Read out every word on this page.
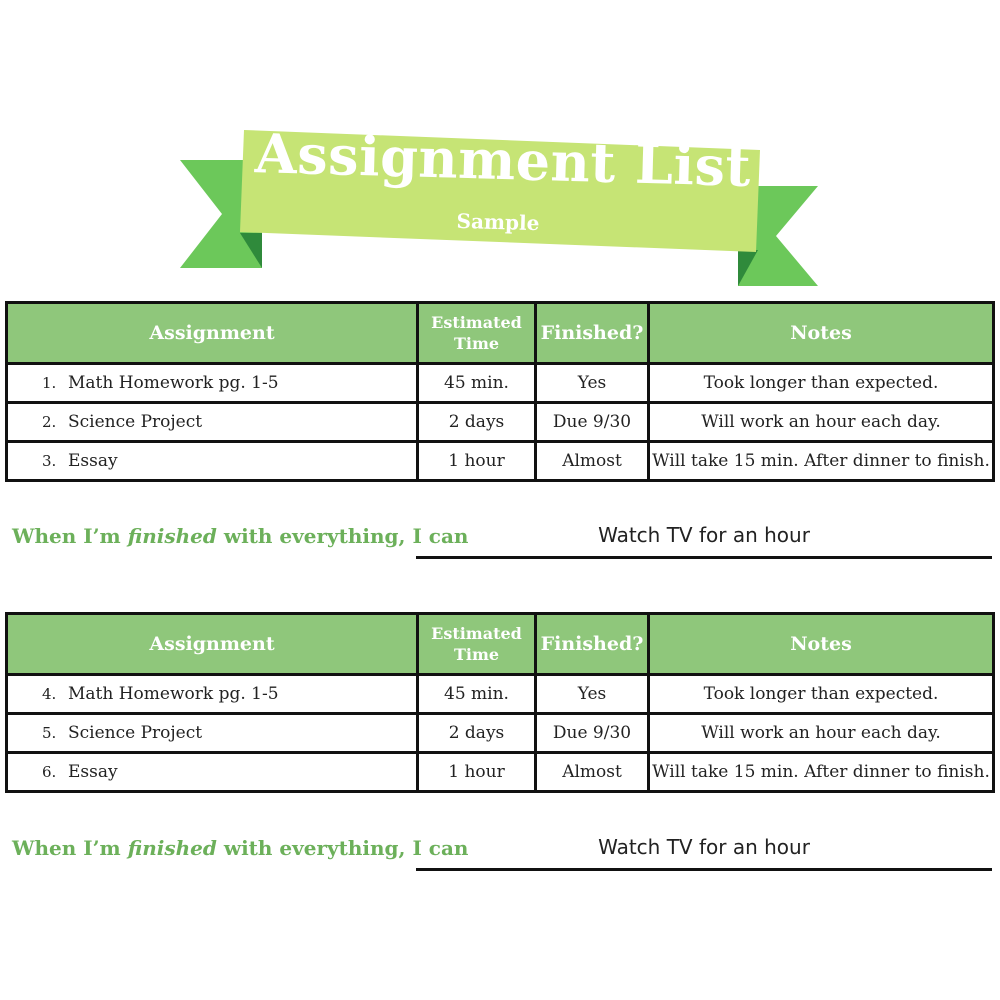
Assignment List
Sample
Assignment	Estimated Time	Finished?	Notes
1. Math Homework pg. 1-5	45 min.	Yes	Took longer than expected.
2. Science Project	2 days	Due 9/30	Will work an hour each day.
3. Essay	1 hour	Almost	Will take 15 min. After dinner to finish.
When I’m finished with everything, I can	Watch TV for an hour
Assignment	Estimated Time	Finished?	Notes
4. Math Homework pg. 1-5	45 min.	Yes	Took longer than expected.
5. Science Project	2 days	Due 9/30	Will work an hour each day.
6. Essay	1 hour	Almost	Will take 15 min. After dinner to finish.
When I’m finished with everything, I can	Watch TV for an hour
